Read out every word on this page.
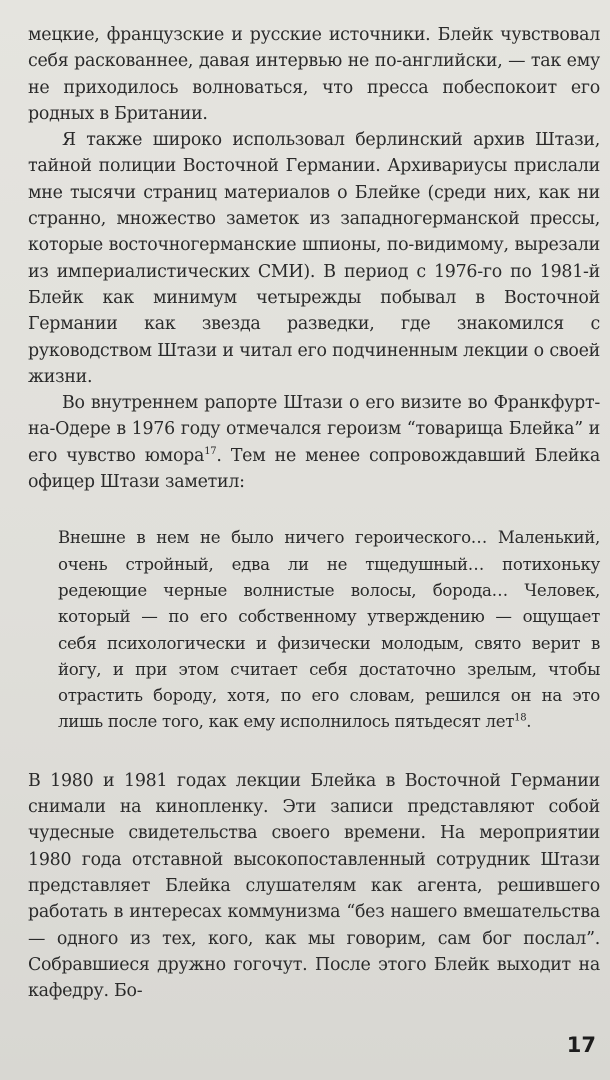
мецкие, французские и русские источники. Блейк чувствовал себя раскованнее, давая интервью не по-английски, — так ему не приходилось волноваться, что пресса побеспокоит его родных в Британии.

Я также широко использовал берлинский архив Штази, тайной полиции Восточной Германии. Архивариусы прислали мне тысячи страниц материалов о Блейке (среди них, как ни странно, множество заметок из западногерманской прессы, которые восточногерманские шпионы, по-видимому, вырезали из империалистических СМИ). В период с 1976-го по 1981-й Блейк как минимум четырежды побывал в Восточной Германии как звезда разведки, где знакомился с руководством Штази и читал его подчиненным лекции о своей жизни.

Во внутреннем рапорте Штази о его визите во Франкфурт-на-Одере в 1976 году отмечался героизм “товарища Блейка” и его чувство юмора$^{17}$. Тем не менее сопровождавший Блейка офицер Штази заметил:

Внешне в нем не было ничего героического… Маленький, очень стройный, едва ли не тщедушный… потихоньку редеющие черные волнистые волосы, борода… Человек, который — по его собственному утверждению — ощущает себя психологически и физически молодым, свято верит в йогу, и при этом считает себя достаточно зрелым, чтобы отрастить бороду, хотя, по его словам, решился он на это лишь после того, как ему исполнилось пятьдесят лет$^{18}$.

В 1980 и 1981 годах лекции Блейка в Восточной Германии снимали на кинопленку. Эти записи представляют собой чудесные свидетельства своего времени. На мероприятии 1980 года отставной высокопоставленный сотрудник Штази представляет Блейка слушателям как агента, решившего работать в интересах коммунизма “без нашего вмешательства — одного из тех, кого, как мы говорим, сам бог послал”. Собравшиеся дружно гогочут. После этого Блейк выходит на кафедру. Бо-

17
